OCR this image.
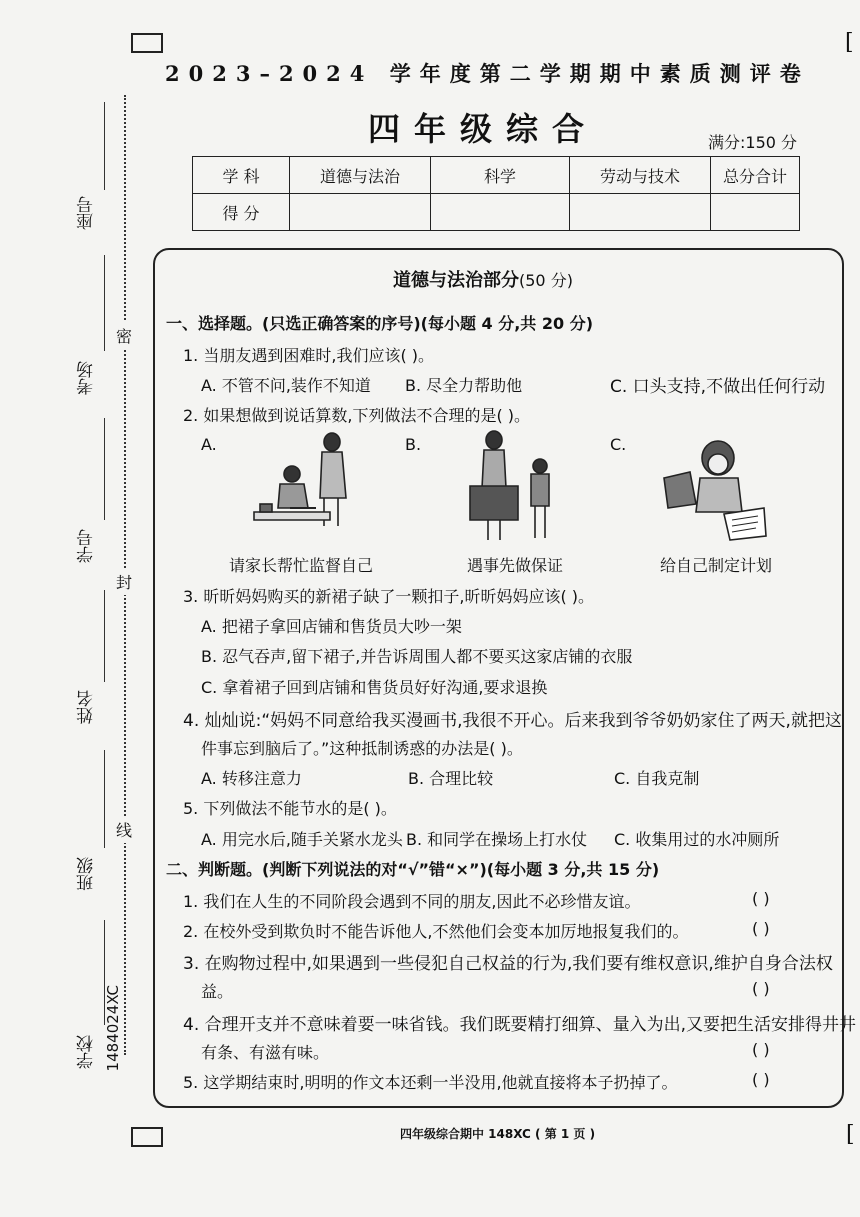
[
[
密
封
线
座号
考场
学号
姓名
班级
学校 1484024XC
2023–2024 学年度第二学期期中素质测评卷
四年级综合	满分:150 分
学 科	道德与法治	科学	劳动与技术	总分合计
得 分				
道德与法治部分(50 分)
一、选择题。(只选正确答案的序号)(每小题 4 分,共 20 分)
1. 当朋友遇到困难时,我们应该( )。
A. 不管不问,装作不知道 B. 尽全力帮助他	C. 口头支持,不做出任何行动
2. 如果想做到说话算数,下列做法不合理的是( )。
A.	B.	C.
请家长帮忙监督自己	遇事先做保证	给自己制定计划
3. 昕昕妈妈购买的新裙子缺了一颗扣子,昕昕妈妈应该( )。
A. 把裙子拿回店铺和售货员大吵一架
B. 忍气吞声,留下裙子,并告诉周围人都不要买这家店铺的衣服
C. 拿着裙子回到店铺和售货员好好沟通,要求退换
4. 灿灿说:“妈妈不同意给我买漫画书,我很不开心。后来我到爷爷奶奶家住了两天,就把这
件事忘到脑后了。”这种抵制诱惑的办法是( )。
A. 转移注意力	B. 合理比较	C. 自我克制
5. 下列做法不能节水的是( )。
A. 用完水后,随手关紧水龙头 B. 和同学在操场上打水仗 C. 收集用过的水冲厕所
二、判断题。(判断下列说法的对“√”错“×”)(每小题 3 分,共 15 分)
1. 我们在人生的不同阶段会遇到不同的朋友,因此不必珍惜友谊。	( )
2. 在校外受到欺负时不能告诉他人,不然他们会变本加厉地报复我们的。	( )
3. 在购物过程中,如果遇到一些侵犯自己权益的行为,我们要有维权意识,维护自身合法权
益。	( )
4. 合理开支并不意味着要一味省钱。我们既要精打细算、量入为出,又要把生活安排得井井
有条、有滋有味。	( )
5. 这学期结束时,明明的作文本还剩一半没用,他就直接将本子扔掉了。	( )
四年级综合期中 148XC ( 第 1 页 )
